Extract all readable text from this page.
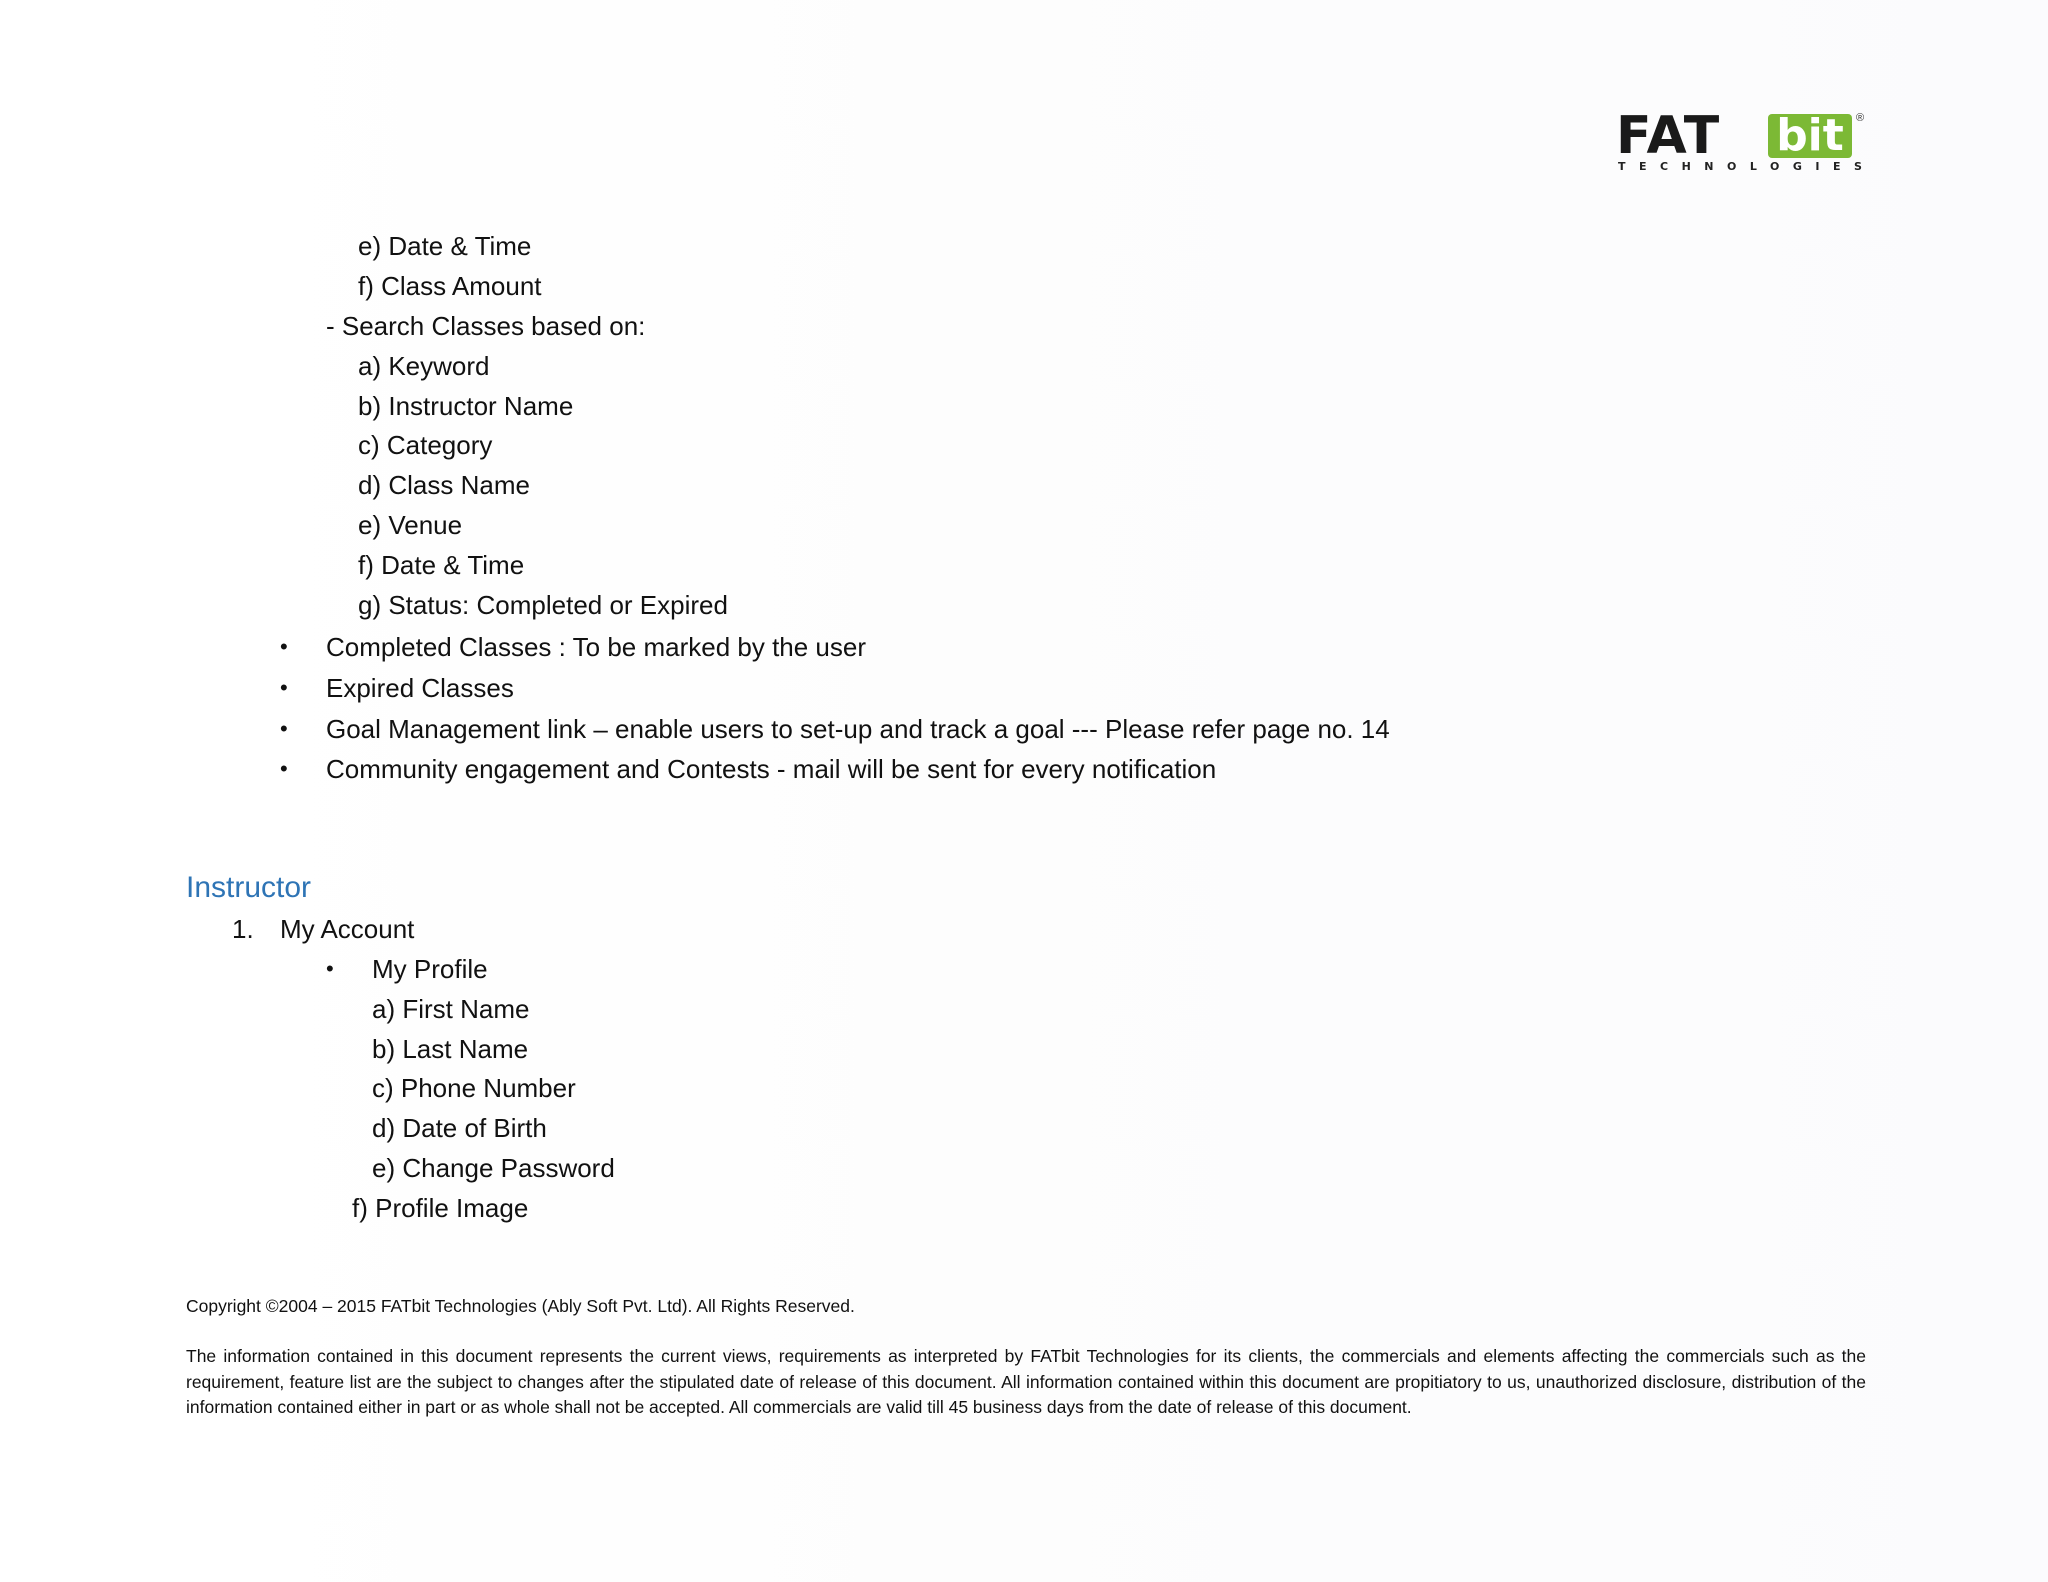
FAT bit	®
TECHNOLOGIES
e) Date & Time
f) Class Amount
- Search Classes based on:
a) Keyword
b) Instructor Name
c) Category
d) Class Name
e) Venue
f) Date & Time
g) Status: Completed or Expired
• Completed Classes : To be marked by the user
• Expired Classes
• Goal Management link – enable users to set-up and track a goal --- Please refer page no. 14
• Community engagement and Contests - mail will be sent for every notification
Instructor
1. My Account
• My Profile
a) First Name
b) Last Name
c) Phone Number
d) Date of Birth
e) Change Password
f) Profile Image
Copyright ©2004 – 2015 FATbit Technologies (Ably Soft Pvt. Ltd). All Rights Reserved.
The information contained in this document represents the current views, requirements as interpreted by FATbit Technologies for its clients, the commercials and elements affecting the commercials such as the requirement, feature list are the subject to changes after the stipulated date of release of this document. All information contained within this document are propitiatory to us, unauthorized disclosure, distribution of the information contained either in part or as whole shall not be accepted. All commercials are valid till 45 business days from the date of release of this document.
